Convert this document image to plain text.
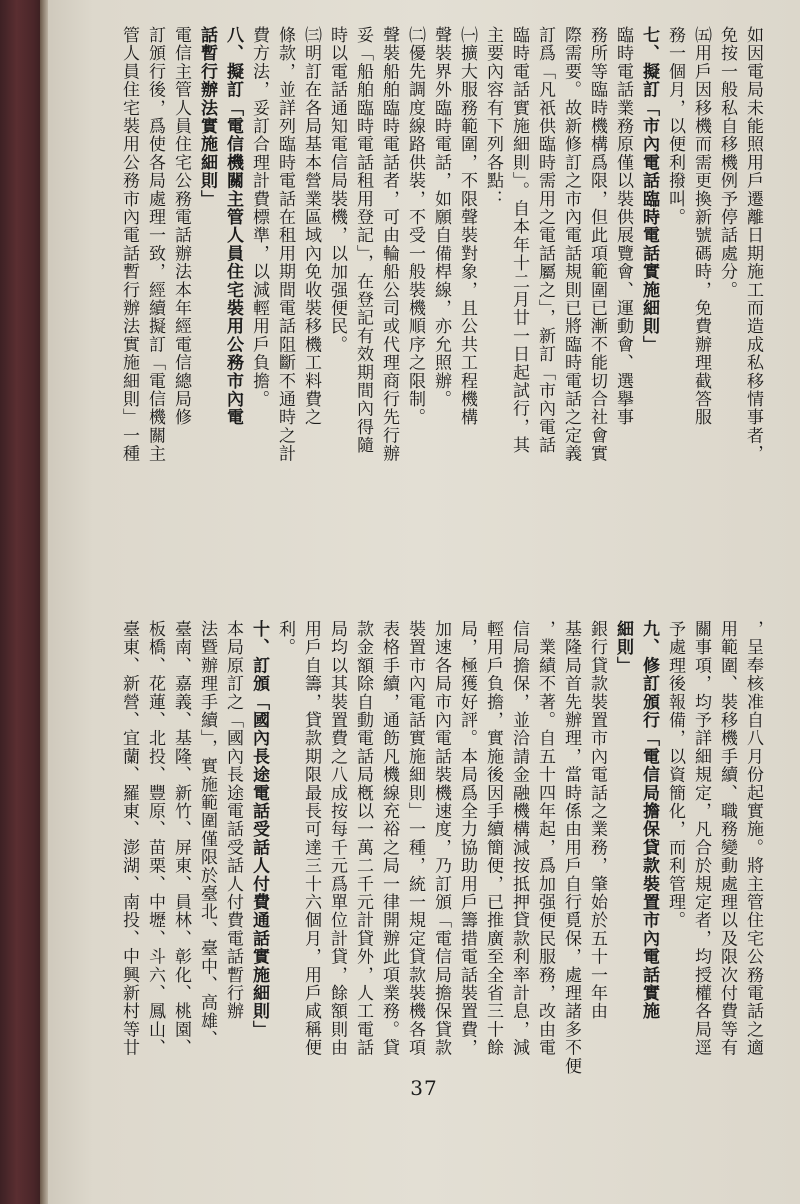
如因電局未能照用戶遷離日期施工而造成私移情事者，
免按一般私自移機例予停話處分。
㈤用戶因移機而需更換新號碼時，免費辦理截答服
務一個月，以便利撥叫。
七、擬訂「市內電話臨時電話實施細則」
臨時電話業務原僅以裝供展覽會、運動會、選擧事
務所等臨時機構爲限，但此項範圍已漸不能切合社會實
際需要。故新修訂之市內電話規則已將臨時電話之定義
訂爲「凡祇供臨時需用之電話屬之」，新訂「市內電話
臨時電話實施細則」。自本年十二月廿一日起試行，其
主要內容有下列各點：
㈠擴大服務範圍，不限聲裝對象，且公共工程機構
聲裝界外臨時電話，如願自備桿線，亦允照辦。
㈡優先調度線路供裝，不受一般裝機順序之限制。
聲裝船舶臨時電話者，可由輪船公司或代理商行先行辦
妥「船舶臨時電話租用登記」，在登記有效期間內得隨
時以電話通知電信局裝機，以加强便民。
㈢明訂在各局基本營業區域內免收裝移機工料費之
條款，並詳列臨時電話在租用期間電話阻斷不通時之計
費方法，妥訂合理計費標準，以減輕用戶負擔。
八、擬訂「電信機關主管人員住宅裝用公務市內電
話暫行辦法實施細則」
電信主管人員住宅公務電話辦法本年經電信總局修
訂頒行後，爲使各局處理一致，經續擬訂「電信機關主
管人員住宅裝用公務市內電話暫行辦法實施細則」一種
，呈奉核准自八月份起實施。將主管住宅公務電話之適
用範圍、裝移機手續、職務變動處理以及限次付費等有
關事項，均予詳細規定，凡合於規定者，均授權各局逕
予處理後報備，以資簡化，而利管理。
九、修訂頒行「電信局擔保貸款裝置市內電話實施
細則」
銀行貸款裝置市內電話之業務，肇始於五十一年由
基隆局首先辦理，當時係由用戶自行覓保，處理諸多不便
，業績不著。自五十四年起，爲加强便民服務，改由電
信局擔保，並洽請金融機構減按抵押貸款利率計息，減
輕用戶負擔，實施後因手續簡便，已推廣至全省三十餘
局，極獲好評。本局爲全力協助用戶籌措電話裝置費，
加速各局市內電話裝機速度，乃訂頒「電信局擔保貸款
裝置市內電話實施細則」一種，統一規定貸款裝機各項
表格手續，通飭凡機線充裕之局一律開辦此項業務。貸
款金額除自動電話局槪以一萬二千元計貸外，人工電話
局均以其裝置費之八成按每千元爲單位計貸，餘額則由
用戶自籌，貸款期限最長可達三十六個月，用戶咸稱便
利。
十、訂頒「國內長途電話受話人付費通話實施細則」
本局原訂之「國內長途電話受話人付費電話暫行辦
法暨辦理手續」，實施範圍僅限於臺北、臺中、高雄、
臺南、嘉義、基隆、新竹、屏東、員林、彰化、桃園、
板橋、花蓮、北投、豐原、苗栗、中壢、斗六、鳳山、
臺東、新營、宜蘭、羅東、澎湖、南投、中興新村等廿
37
